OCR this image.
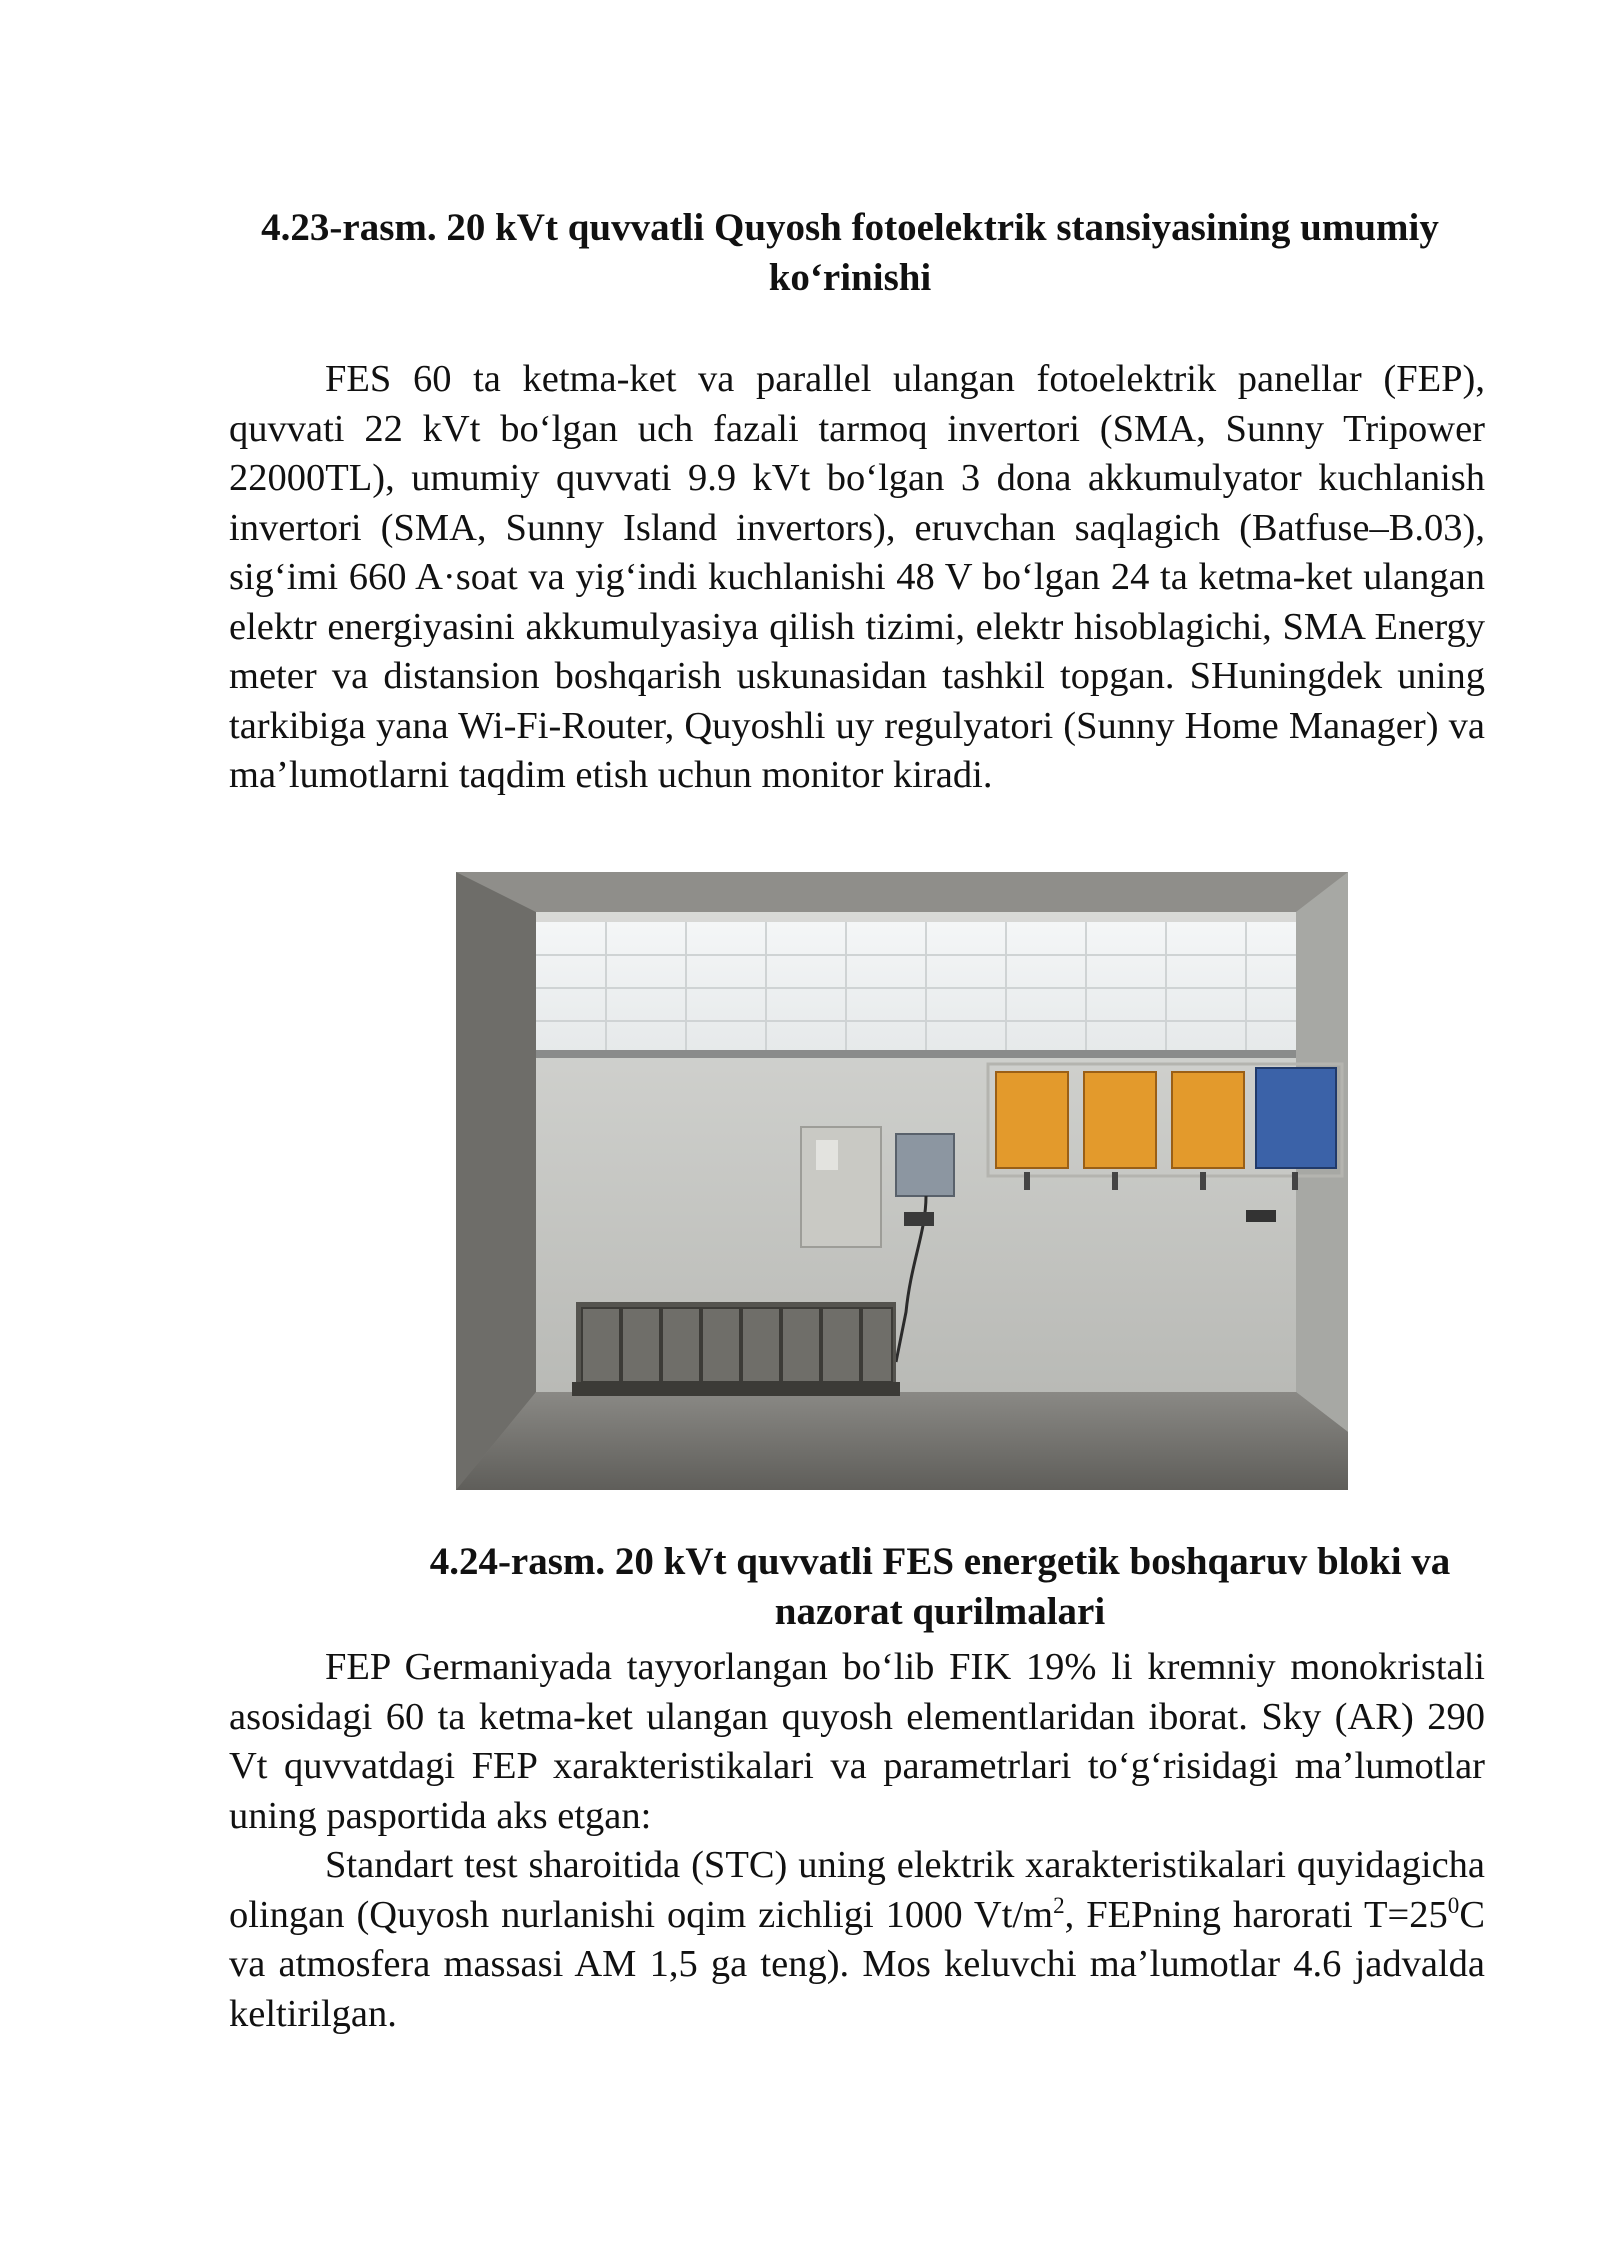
4.23-rasm. 20 kVt quvvatli Quyosh fotoelektrik stansiyasining umumiy ko‘rinishi

FES 60 ta ketma-ket va parallel ulangan fotoelektrik panellar (FEP), quvvati 22 kVt bo‘lgan uch fazali tarmoq invertori (SMA, Sunny Tripower 22000TL), umumiy quvvati 9.9 kVt bo‘lgan 3 dona akkumulyator kuchlanish invertori (SMA, Sunny Island invertors), eruvchan saqlagich (Batfuse–B.03), sig‘imi 660 A·soat va yig‘indi kuchlanishi 48 V bo‘lgan 24 ta ketma-ket ulangan elektr energiyasini akkumulyasiya qilish tizimi, elektr hisoblagichi, SMA Energy meter va distansion boshqarish uskunasidan tashkil topgan. SHuningdek uning tarkibiga yana Wi-Fi-Router, Quyoshli uy regulyatori (Sunny Home Manager) va ma’lumotlarni taqdim etish uchun monitor kiradi.

4.24-rasm. 20 kVt quvvatli FES energetik boshqaruv bloki va nazorat qurilmalari

FEP Germaniyada tayyorlangan bo‘lib FIK 19% li kremniy monokristali asosidagi 60 ta ketma-ket ulangan quyosh elementlaridan iborat. Sky (AR) 290 Vt quvvatdagi FEP xarakteristikalari va parametrlari to‘g‘risidagi ma’lumotlar uning pasportida aks etgan:

Standart test sharoitida (STC) uning elektrik xarakteristikalari quyidagicha olingan (Quyosh nurlanishi oqim zichligi 1000 $Vt/m^2$, FEPning harorati $T=25^0C$ va atmosfera massasi AM 1,5 ga teng). Mos keluvchi ma’lumotlar 4.6 jadvalda keltirilgan.
